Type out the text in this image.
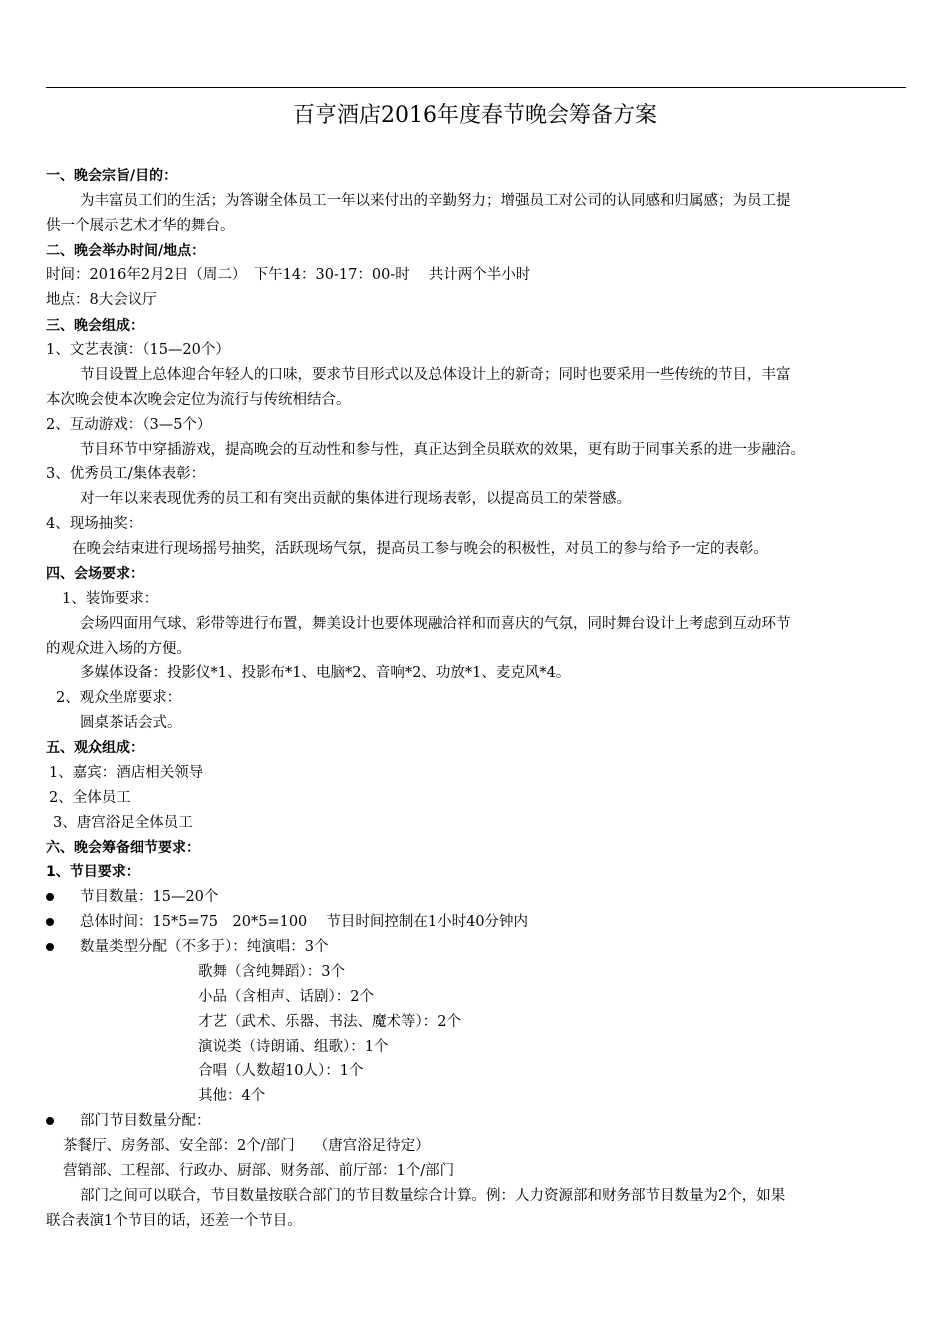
百亨酒店2016年度春节晚会筹备方案
一、晚会宗旨/目的：
为丰富员工们的生活；为答谢全体员工一年以来付出的辛勤努力；增强员工对公司的认同感和归属感；为员工提
供一个展示艺术才华的舞台。
二、晚会举办时间/地点：
时间：2016年2月2日（周二）　下午14：30-17：00-时　 共计两个半小时
地点：8大会议厅
三、晚会组成：
1、文艺表演：（15—20个）
节目设置上总体迎合年轻人的口味，要求节目形式以及总体设计上的新奇；同时也要采用一些传统的节目，丰富
本次晚会使本次晚会定位为流行与传统相结合。
2、互动游戏：（3—5个）
节目环节中穿插游戏，提高晚会的互动性和参与性，真正达到全员联欢的效果，更有助于同事关系的进一步融洽。
3、优秀员工/集体表彰：
对一年以来表现优秀的员工和有突出贡献的集体进行现场表彰，以提高员工的荣誉感。
4、现场抽奖：
在晚会结束进行现场摇号抽奖，活跃现场气氛，提高员工参与晚会的积极性，对员工的参与给予一定的表彰。
四、会场要求：
1、装饰要求：
会场四面用气球、彩带等进行布置，舞美设计也要体现融洽祥和而喜庆的气氛，同时舞台设计上考虑到互动环节
的观众进入场的方便。
多媒体设备：投影仪*1、投影布*1、电脑*2、音响*2、功放*1、麦克风*4。
2、观众坐席要求：
圆桌茶话会式。
五、观众组成：
1、嘉宾：酒店相关领导
2、全体员工
3、唐宫浴足全体员工
六、晚会筹备细节要求：
1、节目要求：
节目数量：15—20个
总体时间：15*5=75　20*5=100　 节目时间控制在1小时40分钟内
数量类型分配（不多于）：纯演唱：3个
歌舞（含纯舞蹈）：3个
小品（含相声、话剧）：2个
才艺（武术、乐器、书法、魔术等）：2个
演说类（诗朗诵、组歌）：1个
合唱（人数超10人）：1个
其他：4个
部门节目数量分配：
茶餐厅、房务部、安全部：2个/部门　 （唐宫浴足待定）
营销部、工程部、行政办、厨部、财务部、前厅部：1个/部门
部门之间可以联合，节目数量按联合部门的节目数量综合计算。例：人力资源部和财务部节目数量为2个，如果
联合表演1个节目的话，还差一个节目。
